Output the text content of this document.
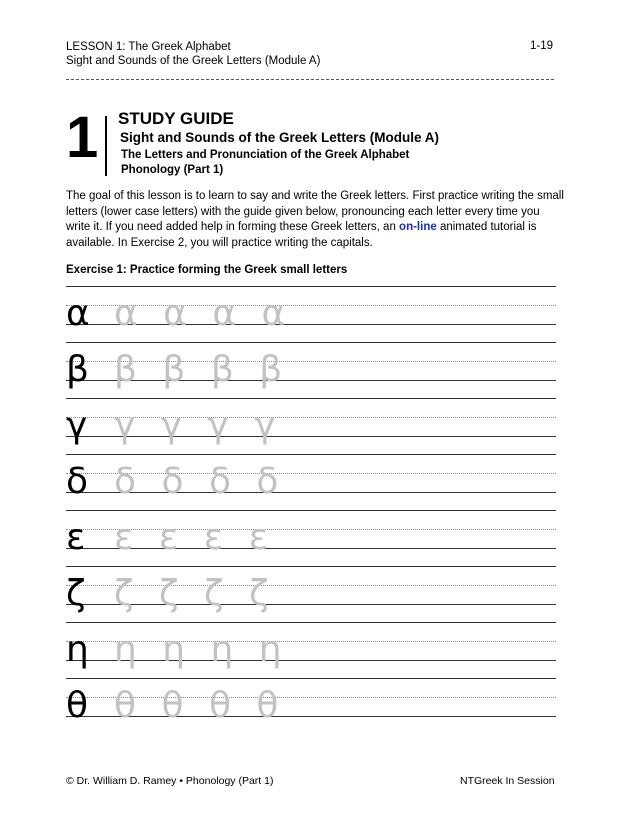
LESSON 1: The Greek Alphabet
Sight and Sounds of the Greek Letters (Module A)
1-19
1 STUDY GUIDE
Sight and Sounds of the Greek Letters (Module A)
The Letters and Pronunciation of the Greek Alphabet
Phonology (Part 1)

The goal of this lesson is to learn to say and write the Greek letters. First practice writing the small letters (lower case letters) with the guide given below, pronouncing each letter every time you write it. If you need added help in forming these Greek letters, an on-line animated tutorial is available. In Exercise 2, you will practice writing the capitals.

Exercise 1: Practice forming the Greek small letters
α α α α α
β β β β β
γ γ γ γ γ
δ δ δ δ δ
ε ε ε ε ε
ζ ζ ζ ζ ζ
η η η η η
θ θ θ θ θ
© Dr. William D. Ramey • Phonology (Part 1)	NTGreek In Session
